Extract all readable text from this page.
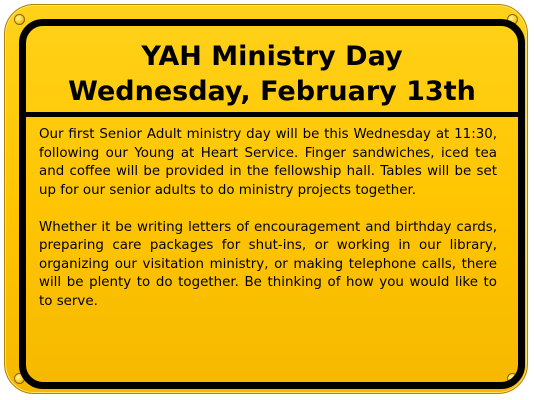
YAH Ministry Day
Wednesday, February 13th

Our first Senior Adult ministry day will be this Wednesday at 11:30, following our Young at Heart Service. Finger sandwiches, iced tea and coffee will be provided in the fellowship hall. Tables will be set up for our senior adults to do ministry projects together.

Whether it be writing letters of encouragement and birthday cards, preparing care packages for shut-ins, or working in our library, organizing our visitation ministry, or making telephone calls, there will be plenty to do together. Be thinking of how you would like to to serve.
